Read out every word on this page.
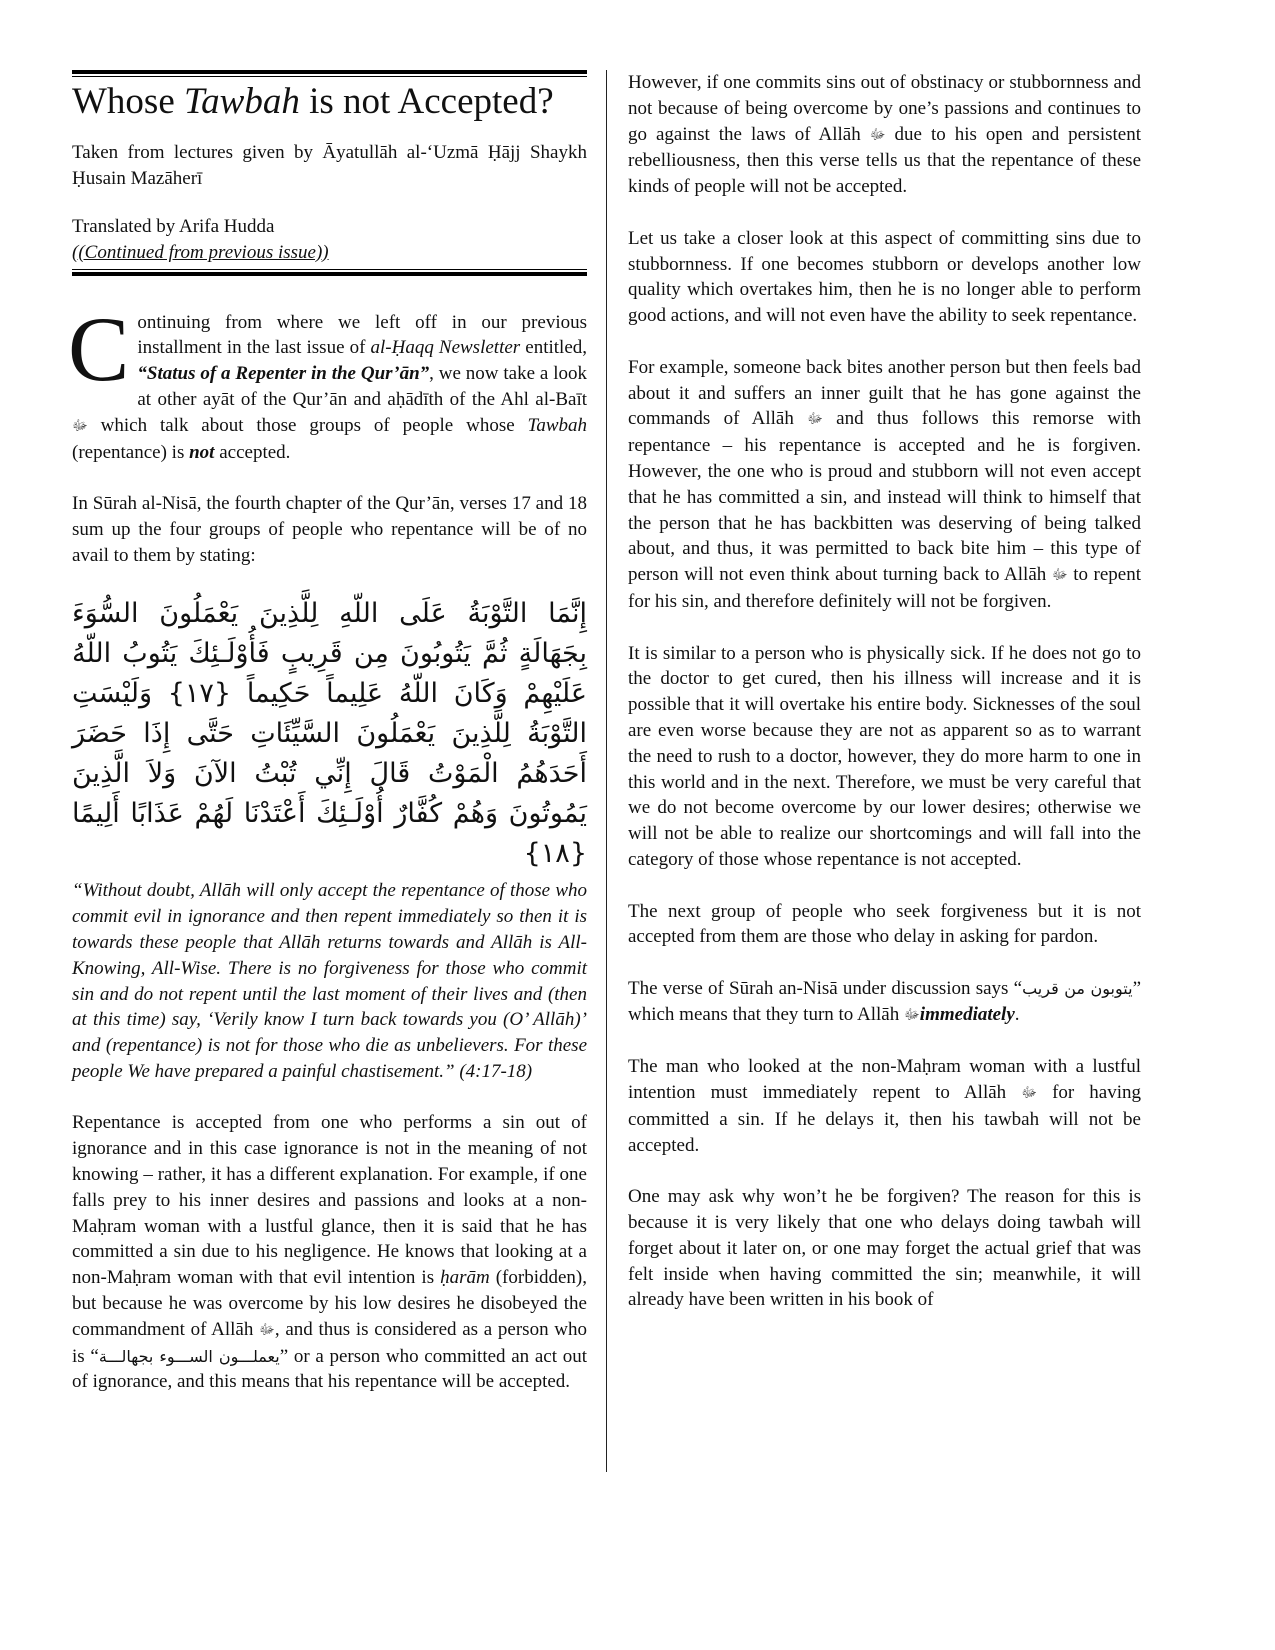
Whose Tawbah is not Accepted?

Taken from lectures given by Āyatullāh al-‘Uzmā Ḥājj Shaykh Ḥusain Mazāherī

Translated by Arifa Hudda

((Continued from previous issue))

Continuing from where we left off in our previous installment in the last issue of al-Ḥaqq Newsletter entitled, “Status of a Repenter in the Qur’ān”, we now take a look at other ayāt of the Qur’ān and aḥādīth of the Ahl al-Baīt ﷻ which talk about those groups of people whose Tawbah (repentance) is not accepted.

In Sūrah al-Nisā, the fourth chapter of the Qur’ān, verses 17 and 18 sum up the four groups of people who repentance will be of no avail to them by stating:

إِنَّمَا التَّوْبَةُ عَلَى اللّهِ لِلَّذِينَ يَعْمَلُونَ السُّوَءَ بِجَهَالَةٍ ثُمَّ يَتُوبُونَ مِن قَرِيبٍ فَأُوْلَـئِكَ يَتُوبُ اللّهُ عَلَيْهِمْ وَكَانَ اللّهُ عَلِيماً حَكِيماً {١٧} وَلَيْسَتِ التَّوْبَةُ لِلَّذِينَ يَعْمَلُونَ السَّيِّئَاتِ حَتَّى إِذَا حَضَرَ أَحَدَهُمُ الْمَوْتُ قَالَ إِنِّي تُبْتُ الآنَ وَلاَ الَّذِينَ يَمُوتُونَ وَهُمْ كُفَّارٌ أُوْلَـئِكَ أَعْتَدْنَا لَهُمْ عَذَابًا أَلِيمًا {١٨}

“Without doubt, Allāh will only accept the repentance of those who commit evil in ignorance and then repent immediately so then it is towards these people that Allāh returns towards and Allāh is All-Knowing, All-Wise. There is no forgiveness for those who commit sin and do not repent until the last moment of their lives and (then at this time) say, ‘Verily know I turn back towards you (O’ Allāh)’ and (repentance) is not for those who die as unbelievers. For these people We have prepared a painful chastisement.” (4:17-18)

Repentance is accepted from one who performs a sin out of ignorance and in this case ignorance is not in the meaning of not knowing – rather, it has a different explanation. For example, if one falls prey to his inner desires and passions and looks at a non-Maḥram woman with a lustful glance, then it is said that he has committed a sin due to his negligence. He knows that looking at a non-Maḥram woman with that evil intention is ḥarām (forbidden), but because he was overcome by his low desires he disobeyed the commandment of Allāh ﷻ, and thus is considered as a person who is “يعملـــون الســـوء بجهالـــة” or a person who committed an act out of ignorance, and this means that his repentance will be accepted.

However, if one commits sins out of obstinacy or stubbornness and not because of being overcome by one’s passions and continues to go against the laws of Allāh ﷻ due to his open and persistent rebelliousness, then this verse tells us that the repentance of these kinds of people will not be accepted.

Let us take a closer look at this aspect of committing sins due to stubbornness. If one becomes stubborn or develops another low quality which overtakes him, then he is no longer able to perform good actions, and will not even have the ability to seek repentance.

For example, someone back bites another person but then feels bad about it and suffers an inner guilt that he has gone against the commands of Allāh ﷻ and thus follows this remorse with repentance – his repentance is accepted and he is forgiven. However, the one who is proud and stubborn will not even accept that he has committed a sin, and instead will think to himself that the person that he has backbitten was deserving of being talked about, and thus, it was permitted to back bite him – this type of person will not even think about turning back to Allāh ﷻ to repent for his sin, and therefore definitely will not be forgiven.

It is similar to a person who is physically sick. If he does not go to the doctor to get cured, then his illness will increase and it is possible that it will overtake his entire body. Sicknesses of the soul are even worse because they are not as apparent so as to warrant the need to rush to a doctor, however, they do more harm to one in this world and in the next. Therefore, we must be very careful that we do not become overcome by our lower desires; otherwise we will not be able to realize our shortcomings and will fall into the category of those whose repentance is not accepted.

The next group of people who seek forgiveness but it is not accepted from them are those who delay in asking for pardon.

The verse of Sūrah an-Nisā under discussion says “يتوبون من قريب” which means that they turn to Allāh ﷻimmediately.

The man who looked at the non-Maḥram woman with a lustful intention must immediately repent to Allāh ﷻ for having committed a sin. If he delays it, then his tawbah will not be accepted.

One may ask why won’t he be forgiven? The reason for this is because it is very likely that one who delays doing tawbah will forget about it later on, or one may forget the actual grief that was felt inside when having committed the sin; meanwhile, it will already have been written in his book of
